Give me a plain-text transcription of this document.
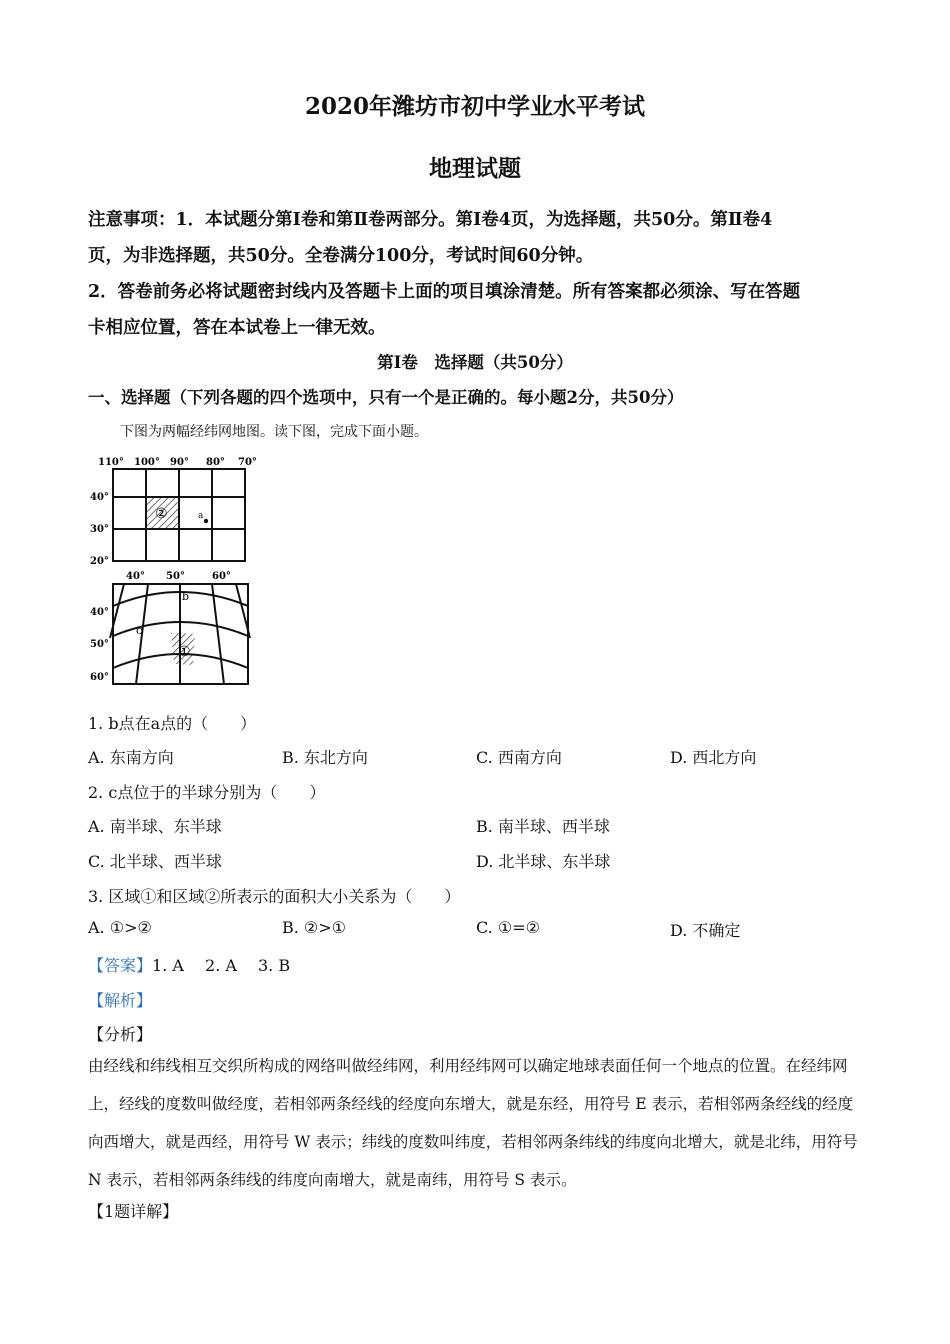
2020年潍坊市初中学业水平考试
地理试题
注意事项：1．本试题分第Ⅰ卷和第Ⅱ卷两部分。第Ⅰ卷4页，为选择题，共50分。第Ⅱ卷4
页，为非选择题，共50分。全卷满分100分，考试时间60分钟。
2．答卷前务必将试题密封线内及答题卡上面的项目填涂清楚。所有答案都必须涂、写在答题
卡相应位置，答在本试卷上一律无效。
第Ⅰ卷　选择题（共50分）
一、选择题（下列各题的四个选项中，只有一个是正确的。每小题2分，共50分）
下图为两幅经纬网地图。读下图，完成下面小题。
110° 100° 90° 80° 70°
40°
30°
20°
②	a
40° 50°	60°
40°
50°
60°
b
c
①
1. b点在a点的（　　）
A. 东南方向	B. 东北方向	C. 西南方向	D. 西北方向
2. c点位于的半球分别为（　　）
A. 南半球、东半球	B. 南半球、西半球
C. 北半球、西半球	D. 北半球、东半球
3. 区域①和区域②所表示的面积大小关系为（　　）
A. ①>②	B. ②>①	C. ①=②	D. 不确定
【答案】1. A　 2. A　 3. B
【解析】
【分析】
由经线和纬线相互交织所构成的网络叫做经纬网，利用经纬网可以确定地球表面任何一个地点的位置。在经纬网上，经线的度数叫做经度，若相邻两条经线的经度向东增大，就是东经，用符号 E 表示，若相邻两条经线的经度向西增大，就是西经，用符号 W 表示；纬线的度数叫纬度，若相邻两条纬线的纬度向北增大，就是北纬，用符号 N 表示，若相邻两条纬线的纬度向南增大，就是南纬，用符号 S 表示。
【1题详解】
